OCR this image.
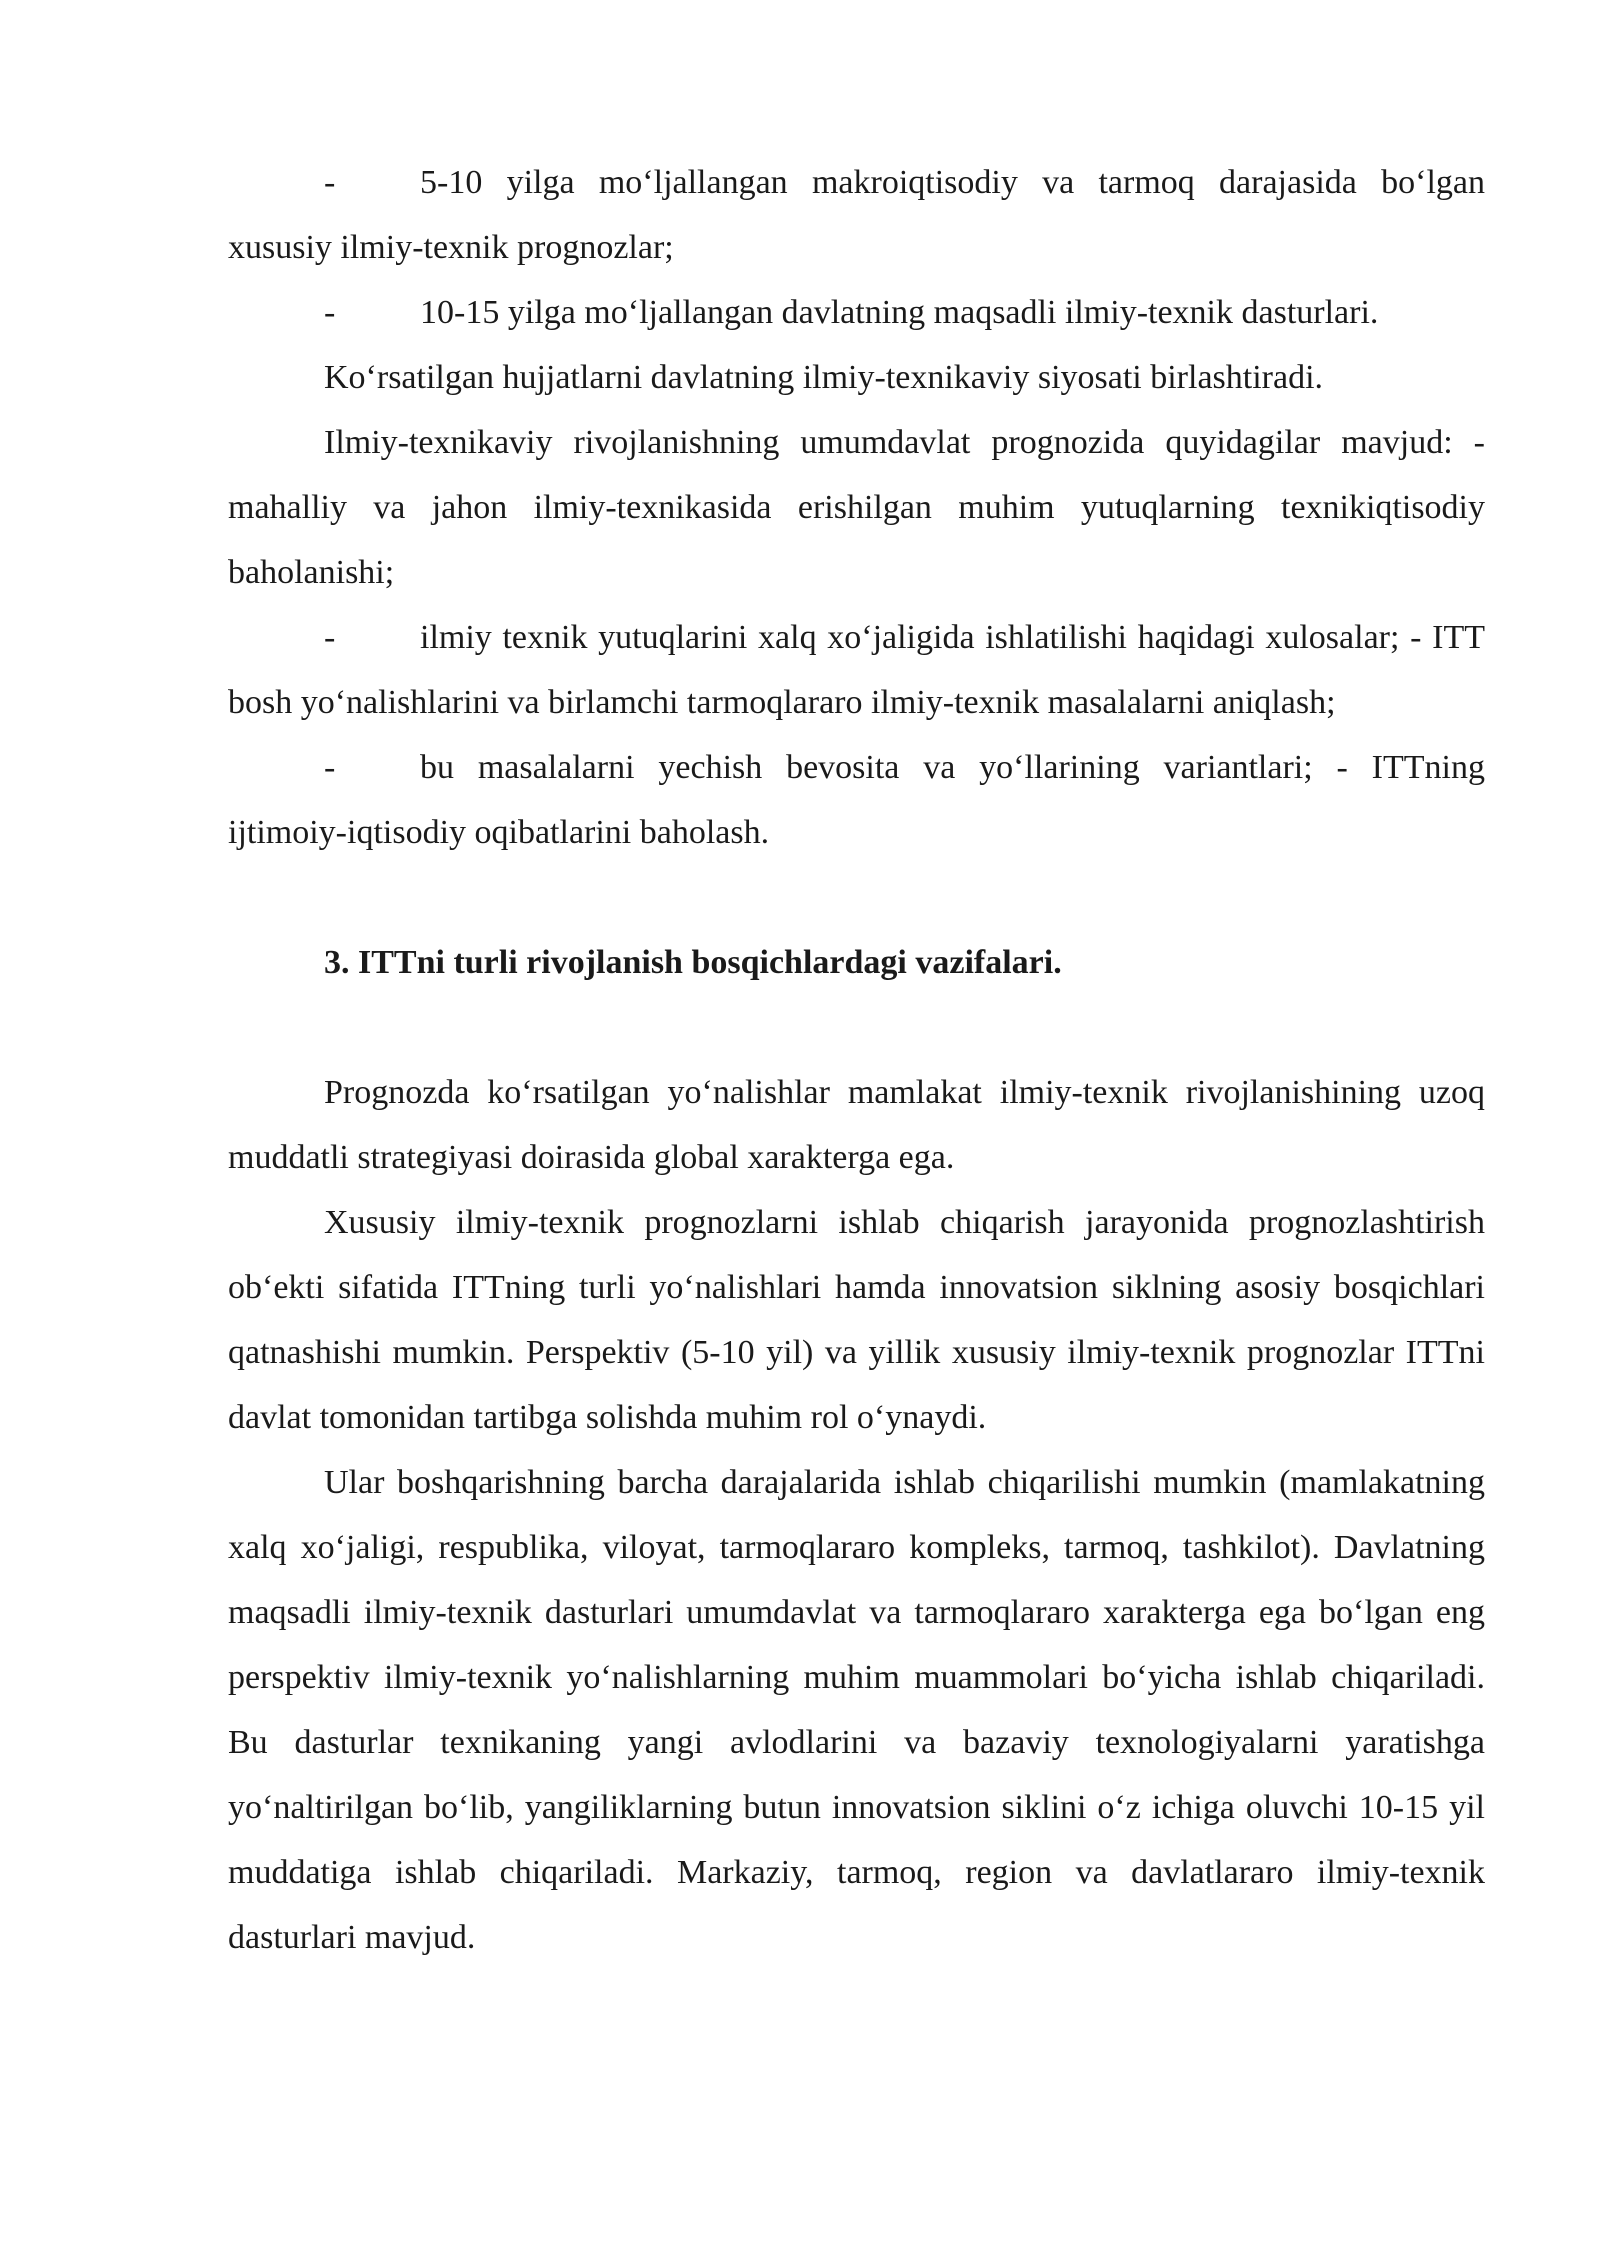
- 5-10 yilga mo‘ljallangan makroiqtisodiy va tarmoq darajasida bo‘lgan xususiy ilmiy-texnik prognozlar;

- 10-15 yilga mo‘ljallangan davlatning maqsadli ilmiy-texnik dasturlari.

Ko‘rsatilgan hujjatlarni davlatning ilmiy-texnikaviy siyosati birlashtiradi.

Ilmiy-texnikaviy rivojlanishning umumdavlat prognozida quyidagilar mavjud: - mahalliy va jahon ilmiy-texnikasida erishilgan muhim yutuqlarning texnikiqtisodiy baholanishi;

- ilmiy texnik yutuqlarini xalq xo‘jaligida ishlatilishi haqidagi xulosalar; - ITT bosh yo‘nalishlarini va birlamchi tarmoqlararo ilmiy-texnik masalalarni aniqlash;

- bu masalalarni yechish bevosita va yo‘llarining variantlari; - ITTning ijtimoiy-iqtisodiy oqibatlarini baholash.

3. ITTni turli rivojlanish bosqichlardagi vazifalari.

Prognozda ko‘rsatilgan yo‘nalishlar mamlakat ilmiy-texnik rivojlanishining uzoq muddatli strategiyasi doirasida global xarakterga ega.

Xususiy ilmiy-texnik prognozlarni ishlab chiqarish jarayonida prognozlashtirish ob‘ekti sifatida ITTning turli yo‘nalishlari hamda innovatsion siklning asosiy bosqichlari qatnashishi mumkin. Perspektiv (5-10 yil) va yillik xususiy ilmiy-texnik prognozlar ITTni davlat tomonidan tartibga solishda muhim rol o‘ynaydi.

Ular boshqarishning barcha darajalarida ishlab chiqarilishi mumkin (mamlakatning xalq xo‘jaligi, respublika, viloyat, tarmoqlararo kompleks, tarmoq, tashkilot). Davlatning maqsadli ilmiy-texnik dasturlari umumdavlat va tarmoqlararo xarakterga ega bo‘lgan eng perspektiv ilmiy-texnik yo‘nalishlarning muhim muammolari bo‘yicha ishlab chiqariladi. Bu dasturlar texnikaning yangi avlodlarini va bazaviy texnologiyalarni yaratishga yo‘naltirilgan bo‘lib, yangiliklarning butun innovatsion siklini o‘z ichiga oluvchi 10-15 yil muddatiga ishlab chiqariladi. Markaziy, tarmoq, region va davlatlararo ilmiy-texnik dasturlari mavjud.
